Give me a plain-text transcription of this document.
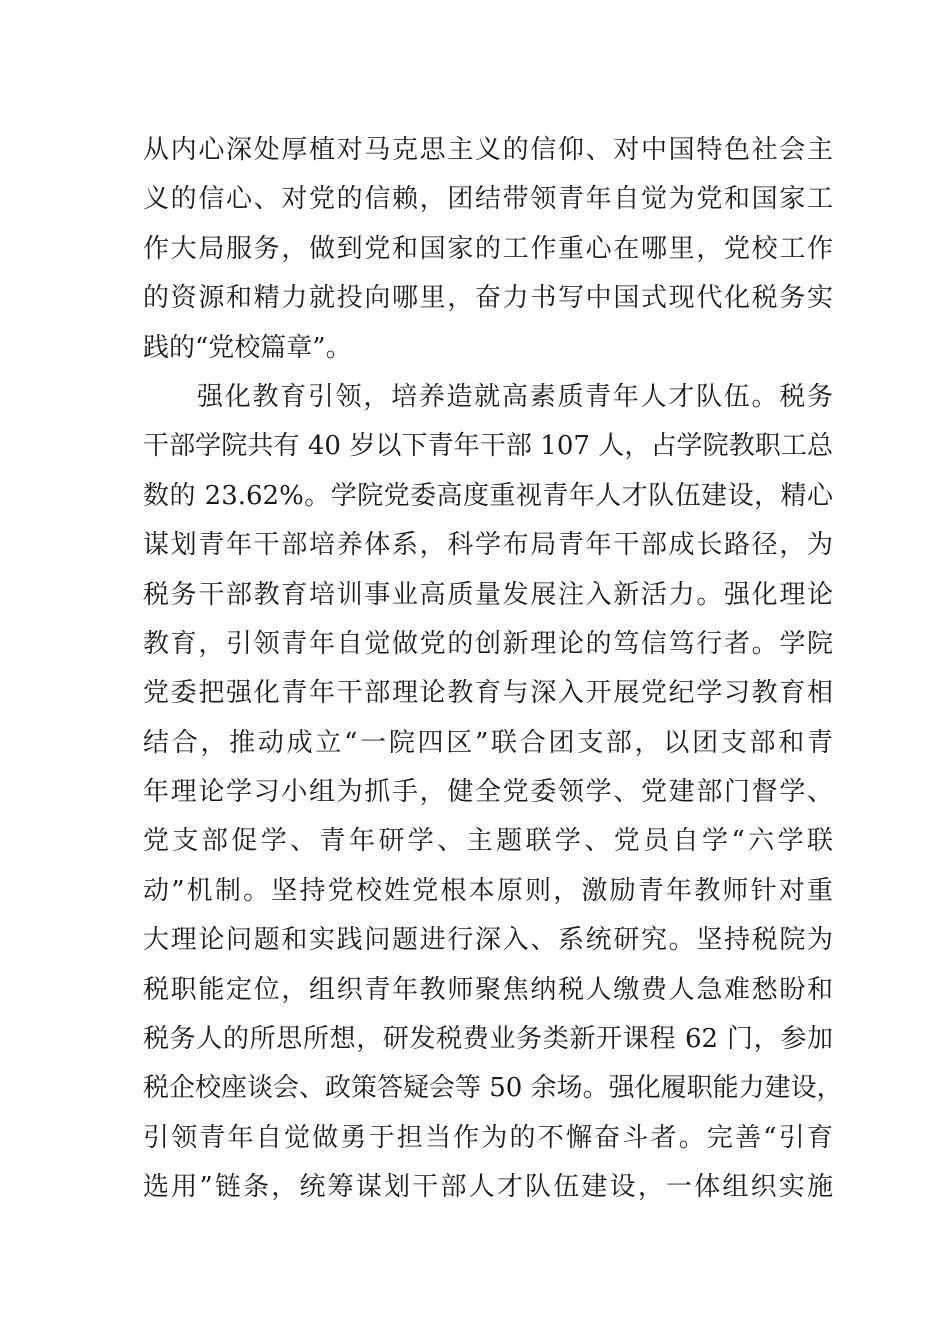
从内心深处厚植对马克思主义的信仰、对中国特色社会主
义的信心、对党的信赖，团结带领青年自觉为党和国家工
作大局服务，做到党和国家的工作重心在哪里，党校工作
的资源和精力就投向哪里，奋力书写中国式现代化税务实
践的“党校篇章”。
强化教育引领，培养造就高素质青年人才队伍。税务
干部学院共有 40 岁以下青年干部 107 人，占学院教职工总
数的 23.62%。学院党委高度重视青年人才队伍建设，精心
谋划青年干部培养体系，科学布局青年干部成长路径，为
税务干部教育培训事业高质量发展注入新活力。强化理论
教育，引领青年自觉做党的创新理论的笃信笃行者。学院
党委把强化青年干部理论教育与深入开展党纪学习教育相
结合，推动成立“一院四区”联合团支部，以团支部和青
年理论学习小组为抓手，健全党委领学、党建部门督学、
党支部促学、青年研学、主题联学、党员自学“六学联
动”机制。坚持党校姓党根本原则，激励青年教师针对重
大理论问题和实践问题进行深入、系统研究。坚持税院为
税职能定位，组织青年教师聚焦纳税人缴费人急难愁盼和
税务人的所思所想，研发税费业务类新开课程 62 门，参加
税企校座谈会、政策答疑会等 50 余场。强化履职能力建设，
引领青年自觉做勇于担当作为的不懈奋斗者。完善“引育
选用”链条，统筹谋划干部人才队伍建设，一体组织实施
